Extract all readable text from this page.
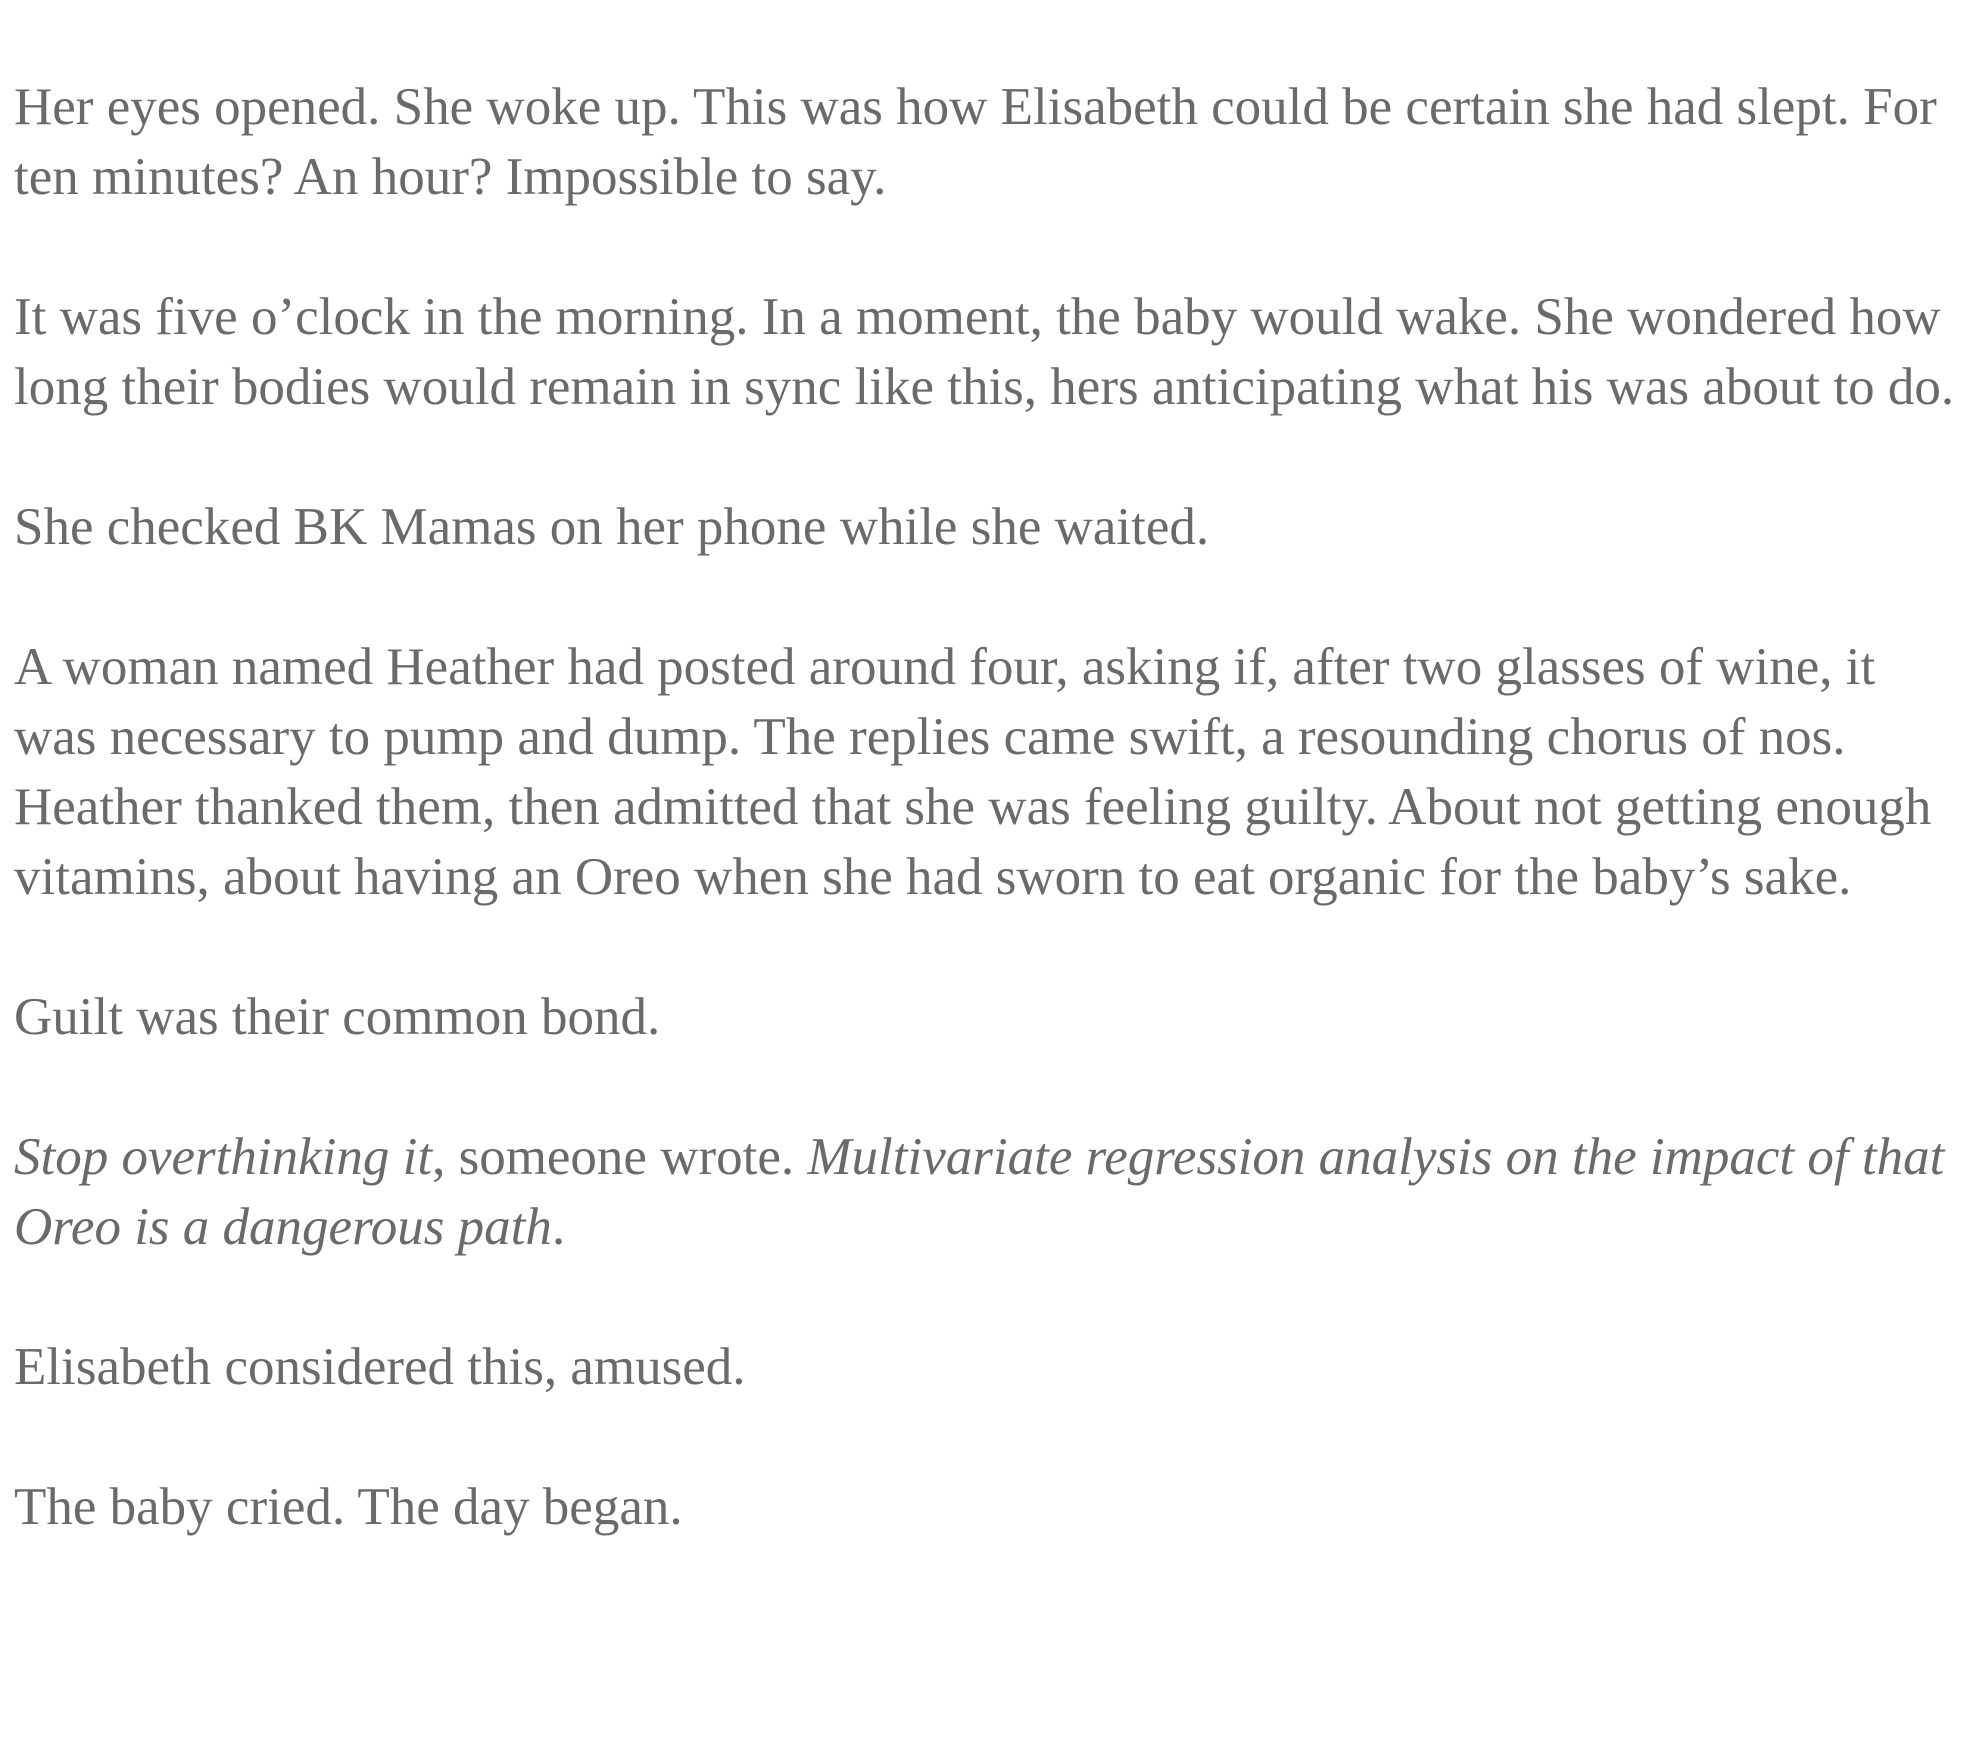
Her eyes opened. She woke up. This was how Elisabeth could be certain she had slept. For ten minutes? An hour? Impossible to say.

It was five o’clock in the morning. In a moment, the baby would wake. She wondered how long their bodies would remain in sync like this, hers anticipating what his was about to do.

She checked BK Mamas on her phone while she waited.

A woman named Heather had posted around four, asking if, after two glasses of wine, it was necessary to pump and dump. The replies came swift, a resounding chorus of nos. Heather thanked them, then admitted that she was feeling guilty. About not getting enough vitamins, about having an Oreo when she had sworn to eat organic for the baby’s sake.

Guilt was their common bond.

Stop overthinking it, someone wrote. Multivariate regression analysis on the impact of that Oreo is a dangerous path.

Elisabeth considered this, amused.

The baby cried. The day began.
